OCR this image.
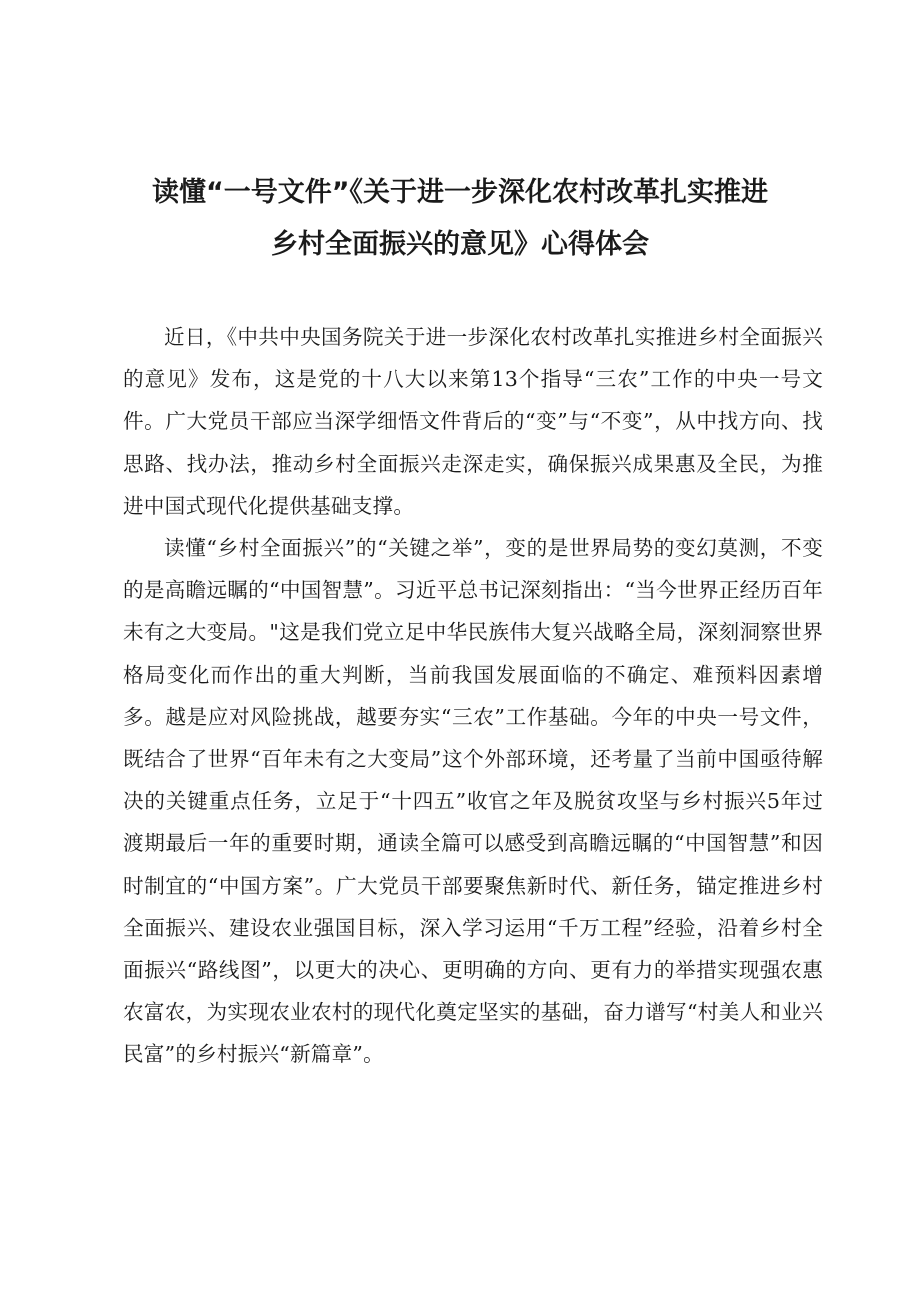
读懂“一号文件”《关于进一步深化农村改革扎实推进
乡村全面振兴的意见》心得体会

近日，《中共中央国务院关于进一步深化农村改革扎实推进乡村全面振兴的意见》发布，这是党的十八大以来第13个指导“三农”工作的中央一号文件。广大党员干部应当深学细悟文件背后的“变”与“不变”，从中找方向、找思路、找办法，推动乡村全面振兴走深走实，确保振兴成果惠及全民，为推进中国式现代化提供基础支撑。

读懂“乡村全面振兴”的“关键之举”，变的是世界局势的变幻莫测，不变的是高瞻远瞩的“中国智慧”。习近平总书记深刻指出：“当今世界正经历百年未有之大变局。"这是我们党立足中华民族伟大复兴战略全局，深刻洞察世界格局变化而作出的重大判断，当前我国发展面临的不确定、难预料因素增多。越是应对风险挑战，越要夯实“三农”工作基础。今年的中央一号文件，既结合了世界“百年未有之大变局”这个外部环境，还考量了当前中国亟待解决的关键重点任务，立足于“十四五”收官之年及脱贫攻坚与乡村振兴5年过渡期最后一年的重要时期，通读全篇可以感受到高瞻远瞩的“中国智慧”和因时制宜的“中国方案”。广大党员干部要聚焦新时代、新任务，锚定推进乡村全面振兴、建设农业强国目标，深入学习运用“千万工程”经验，沿着乡村全面振兴“路线图”，以更大的决心、更明确的方向、更有力的举措实现强农惠农富农，为实现农业农村的现代化奠定坚实的基础，奋力谱写“村美人和业兴民富”的乡村振兴“新篇章”。
